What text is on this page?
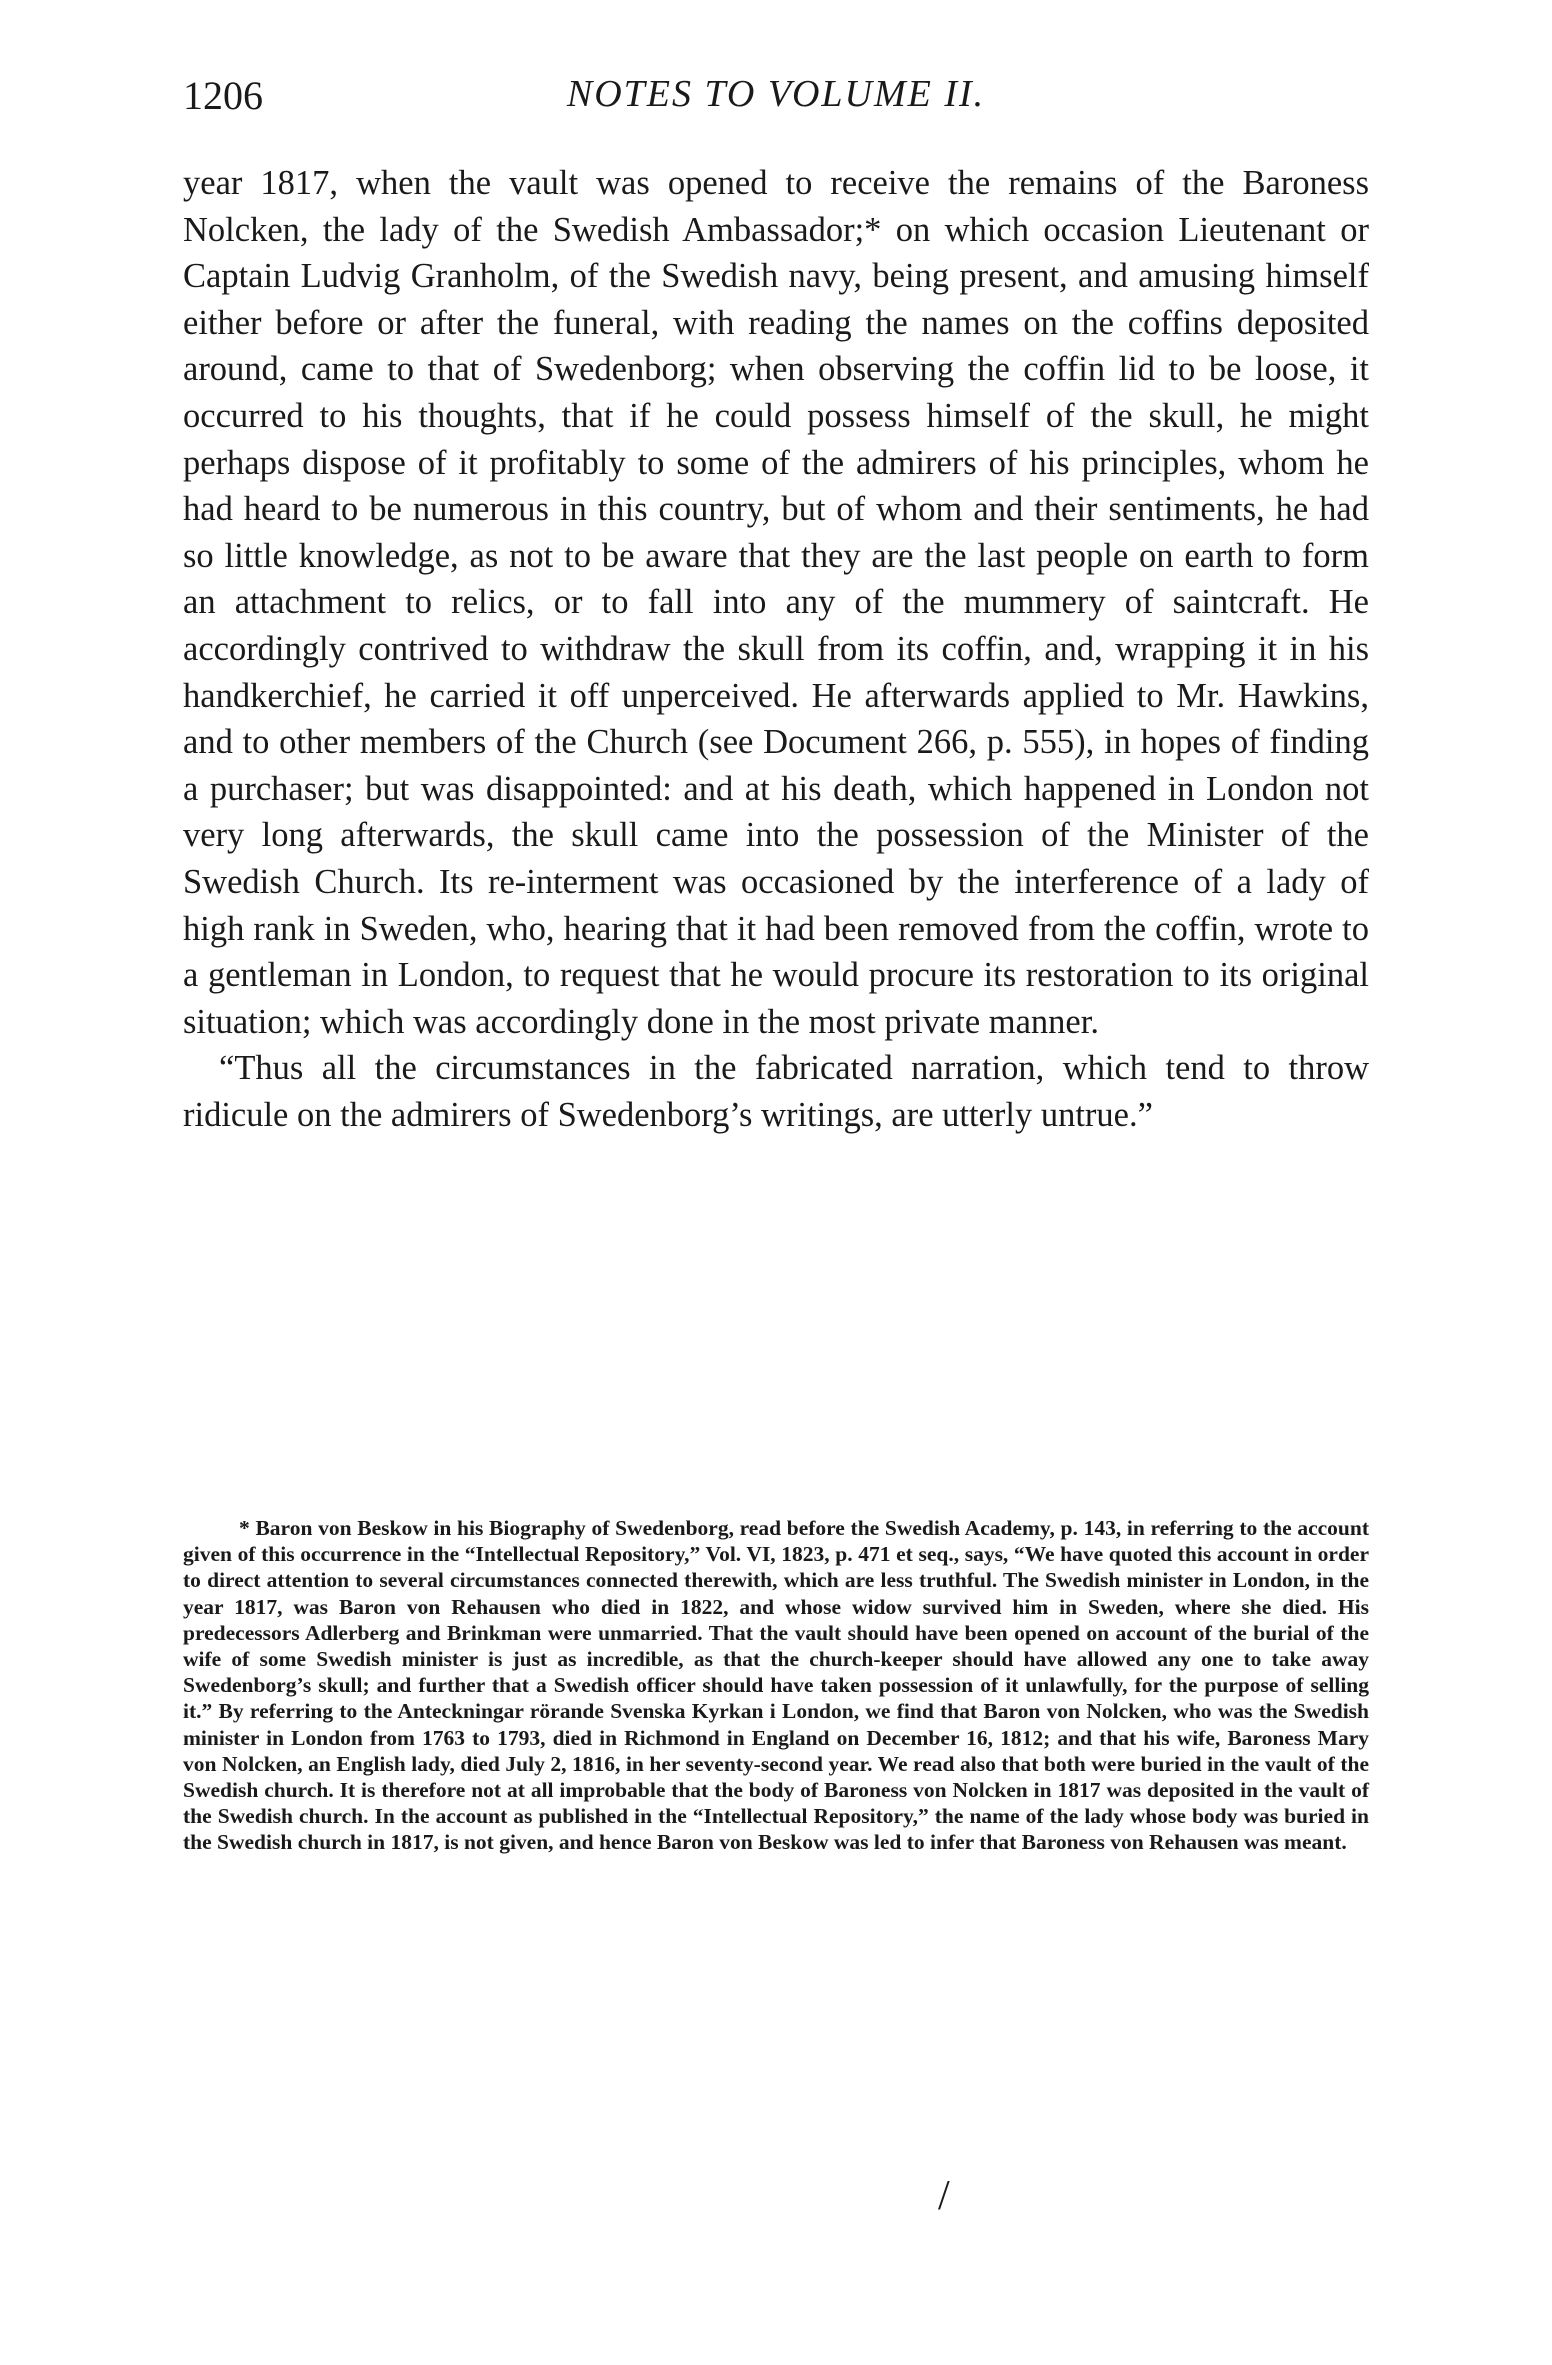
1206	NOTES TO VOLUME II.

year 1817, when the vault was opened to receive the remains of the Baroness Nolcken, the lady of the Swedish Ambassador;* on which occasion Lieutenant or Captain Ludvig Granholm, of the Swedish navy, being present, and amusing himself either before or after the funeral, with reading the names on the coffins deposited around, came to that of Swedenborg; when observing the coffin lid to be loose, it occurred to his thoughts, that if he could possess himself of the skull, he might perhaps dispose of it profitably to some of the admirers of his principles, whom he had heard to be numerous in this country, but of whom and their sentiments, he had so little knowledge, as not to be aware that they are the last people on earth to form an attachment to relics, or to fall into any of the mummery of saintcraft. He accordingly contrived to withdraw the skull from its coffin, and, wrapping it in his handkerchief, he carried it off unperceived. He afterwards applied to Mr. Hawkins, and to other members of the Church (see Document 266, p. 555), in hopes of finding a purchaser; but was disappointed: and at his death, which happened in London not very long afterwards, the skull came into the possession of the Minister of the Swedish Church. Its re-interment was occasioned by the interference of a lady of high rank in Sweden, who, hearing that it had been removed from the coffin, wrote to a gentleman in London, to request that he would procure its restoration to its original situation; which was accordingly done in the most private manner.

“Thus all the circumstances in the fabricated narration, which tend to throw ridicule on the admirers of Swedenborg’s writings, are utterly untrue.”

* Baron von Beskow in his Biography of Swedenborg, read before the Swedish Academy, p. 143, in referring to the account given of this occurrence in the “Intellectual Repository,” Vol. VI, 1823, p. 471 et seq., says, “We have quoted this account in order to direct attention to several circumstances connected therewith, which are less truthful. The Swedish minister in London, in the year 1817, was Baron von Rehausen who died in 1822, and whose widow survived him in Sweden, where she died. His predecessors Adlerberg and Brinkman were unmarried. That the vault should have been opened on account of the burial of the wife of some Swedish minister is just as incredible, as that the church-keeper should have allowed any one to take away Swedenborg’s skull; and further that a Swedish officer should have taken possession of it unlawfully, for the purpose of selling it.” By referring to the Anteckningar rörande Svenska Kyrkan i London, we find that Baron von Nolcken, who was the Swedish minister in London from 1763 to 1793, died in Richmond in England on December 16, 1812; and that his wife, Baroness Mary von Nolcken, an English lady, died July 2, 1816, in her seventy-second year. We read also that both were buried in the vault of the Swedish church. It is therefore not at all improbable that the body of Baroness von Nolcken in 1817 was deposited in the vault of the Swedish church. In the account as published in the “Intellectual Repository,” the name of the lady whose body was buried in the Swedish church in 1817, is not given, and hence Baron von Beskow was led to infer that Baroness von Rehausen was meant.

/
